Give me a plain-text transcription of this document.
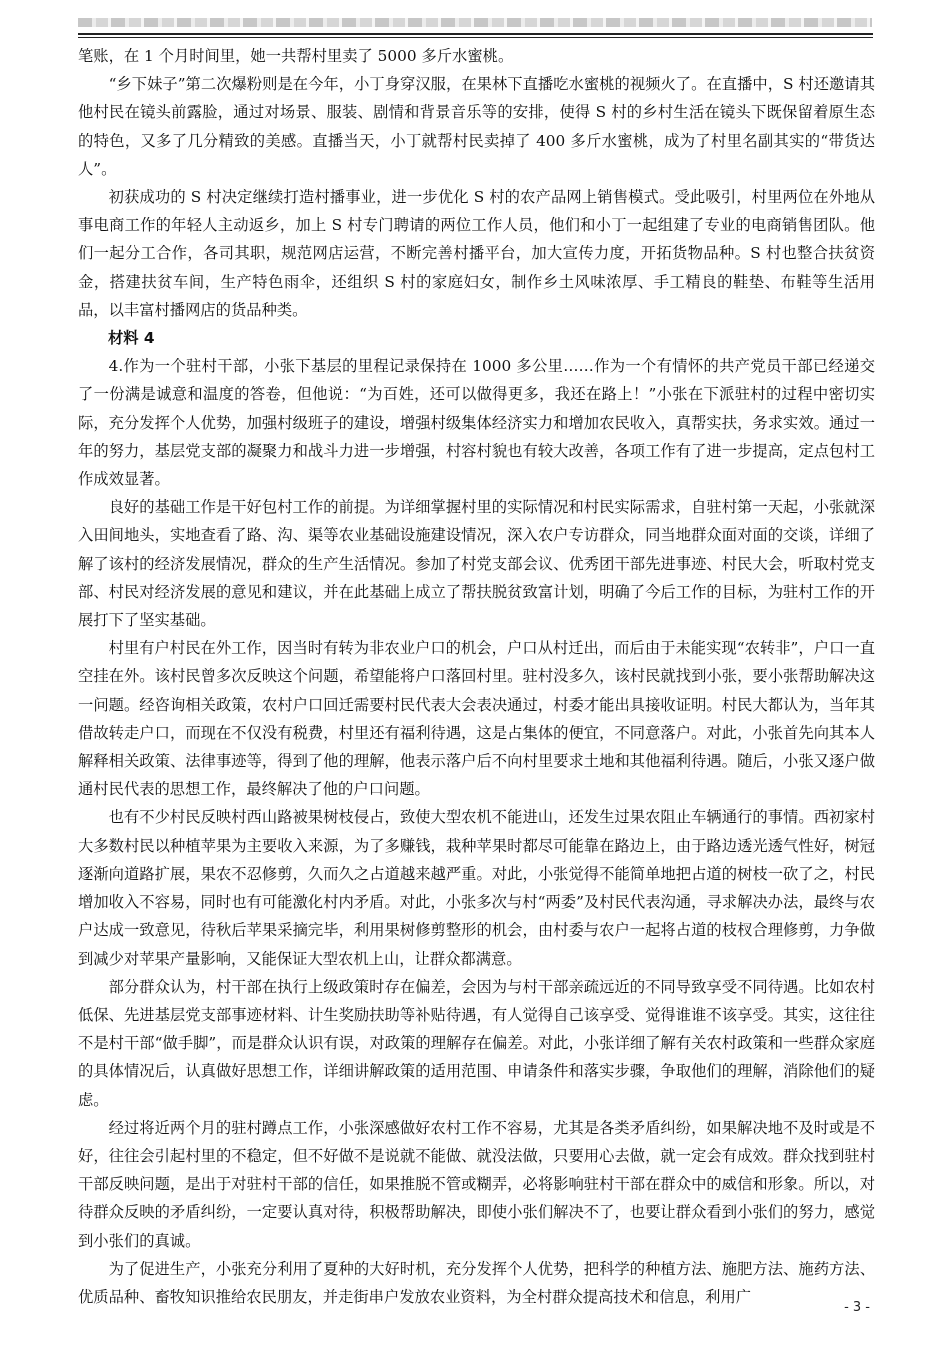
笔账，在 1 个月时间里，她一共帮村里卖了 5000 多斤水蜜桃。

“乡下妹子”第二次爆粉则是在今年，小丁身穿汉服，在果林下直播吃水蜜桃的视频火了。在直播中，S 村还邀请其他村民在镜头前露脸，通过对场景、服装、剧情和背景音乐等的安排，使得 S 村的乡村生活在镜头下既保留着原生态的特色，又多了几分精致的美感。直播当天，小丁就帮村民卖掉了 400 多斤水蜜桃，成为了村里名副其实的“带货达人”。

初获成功的 S 村决定继续打造村播事业，进一步优化 S 村的农产品网上销售模式。受此吸引，村里两位在外地从事电商工作的年轻人主动返乡，加上 S 村专门聘请的两位工作人员，他们和小丁一起组建了专业的电商销售团队。他们一起分工合作，各司其职，规范网店运营，不断完善村播平台，加大宣传力度，开拓货物品种。S 村也整合扶贫资金，搭建扶贫车间，生产特色雨伞，还组织 S 村的家庭妇女，制作乡土风味浓厚、手工精良的鞋垫、布鞋等生活用品，以丰富村播网店的货品种类。

材料 4

4.作为一个驻村干部，小张下基层的里程记录保持在 1000 多公里……作为一个有情怀的共产党员干部已经递交了一份满是诚意和温度的答卷，但他说：“为百姓，还可以做得更多，我还在路上！”小张在下派驻村的过程中密切实际，充分发挥个人优势，加强村级班子的建设，增强村级集体经济实力和增加农民收入，真帮实扶，务求实效。通过一年的努力，基层党支部的凝聚力和战斗力进一步增强，村容村貌也有较大改善，各项工作有了进一步提高，定点包村工作成效显著。

良好的基础工作是干好包村工作的前提。为详细掌握村里的实际情况和村民实际需求，自驻村第一天起，小张就深入田间地头，实地查看了路、沟、渠等农业基础设施建设情况，深入农户专访群众，同当地群众面对面的交谈，详细了解了该村的经济发展情况，群众的生产生活情况。参加了村党支部会议、优秀团干部先进事迹、村民大会，听取村党支部、村民对经济发展的意见和建议，并在此基础上成立了帮扶脱贫致富计划，明确了今后工作的目标，为驻村工作的开展打下了坚实基础。

村里有户村民在外工作，因当时有转为非农业户口的机会，户口从村迁出，而后由于未能实现“农转非”，户口一直空挂在外。该村民曾多次反映这个问题，希望能将户口落回村里。驻村没多久，该村民就找到小张，要小张帮助解决这一问题。经咨询相关政策，农村户口回迁需要村民代表大会表决通过，村委才能出具接收证明。村民大都认为，当年其借故转走户口，而现在不仅没有税费，村里还有福利待遇，这是占集体的便宜，不同意落户。对此，小张首先向其本人解释相关政策、法律事迹等，得到了他的理解，他表示落户后不向村里要求土地和其他福利待遇。随后，小张又逐户做通村民代表的思想工作，最终解决了他的户口问题。

也有不少村民反映村西山路被果树枝侵占，致使大型农机不能进山，还发生过果农阻止车辆通行的事情。西初家村大多数村民以种植苹果为主要收入来源，为了多赚钱，栽种苹果时都尽可能靠在路边上，由于路边透光透气性好，树冠逐渐向道路扩展，果农不忍修剪，久而久之占道越来越严重。对此，小张觉得不能简单地把占道的树枝一砍了之，村民增加收入不容易，同时也有可能激化村内矛盾。对此，小张多次与村“两委”及村民代表沟通，寻求解决办法，最终与农户达成一致意见，待秋后苹果采摘完毕，利用果树修剪整形的机会，由村委与农户一起将占道的枝杈合理修剪，力争做到减少对苹果产量影响，又能保证大型农机上山，让群众都满意。

部分群众认为，村干部在执行上级政策时存在偏差，会因为与村干部亲疏远近的不同导致享受不同待遇。比如农村低保、先进基层党支部事迹材料、计生奖励扶助等补贴待遇，有人觉得自己该享受、觉得谁谁不该享受。其实，这往往不是村干部“做手脚”，而是群众认识有误，对政策的理解存在偏差。对此，小张详细了解有关农村政策和一些群众家庭的具体情况后，认真做好思想工作，详细讲解政策的适用范围、申请条件和落实步骤，争取他们的理解，消除他们的疑虑。

经过将近两个月的驻村蹲点工作，小张深感做好农村工作不容易，尤其是各类矛盾纠纷，如果解决地不及时或是不好，往往会引起村里的不稳定，但不好做不是说就不能做、就没法做，只要用心去做，就一定会有成效。群众找到驻村干部反映问题，是出于对驻村干部的信任，如果推脱不管或糊弄，必将影响驻村干部在群众中的威信和形象。所以，对待群众反映的矛盾纠纷，一定要认真对待，积极帮助解决，即使小张们解决不了，也要让群众看到小张们的努力，感觉到小张们的真诚。

为了促进生产，小张充分利用了夏种的大好时机，充分发挥个人优势，把科学的种植方法、施肥方法、施药方法、优质品种、畜牧知识推给农民朋友，并走街串户发放农业资料，为全村群众提高技术和信息，利用广

- 3 -
